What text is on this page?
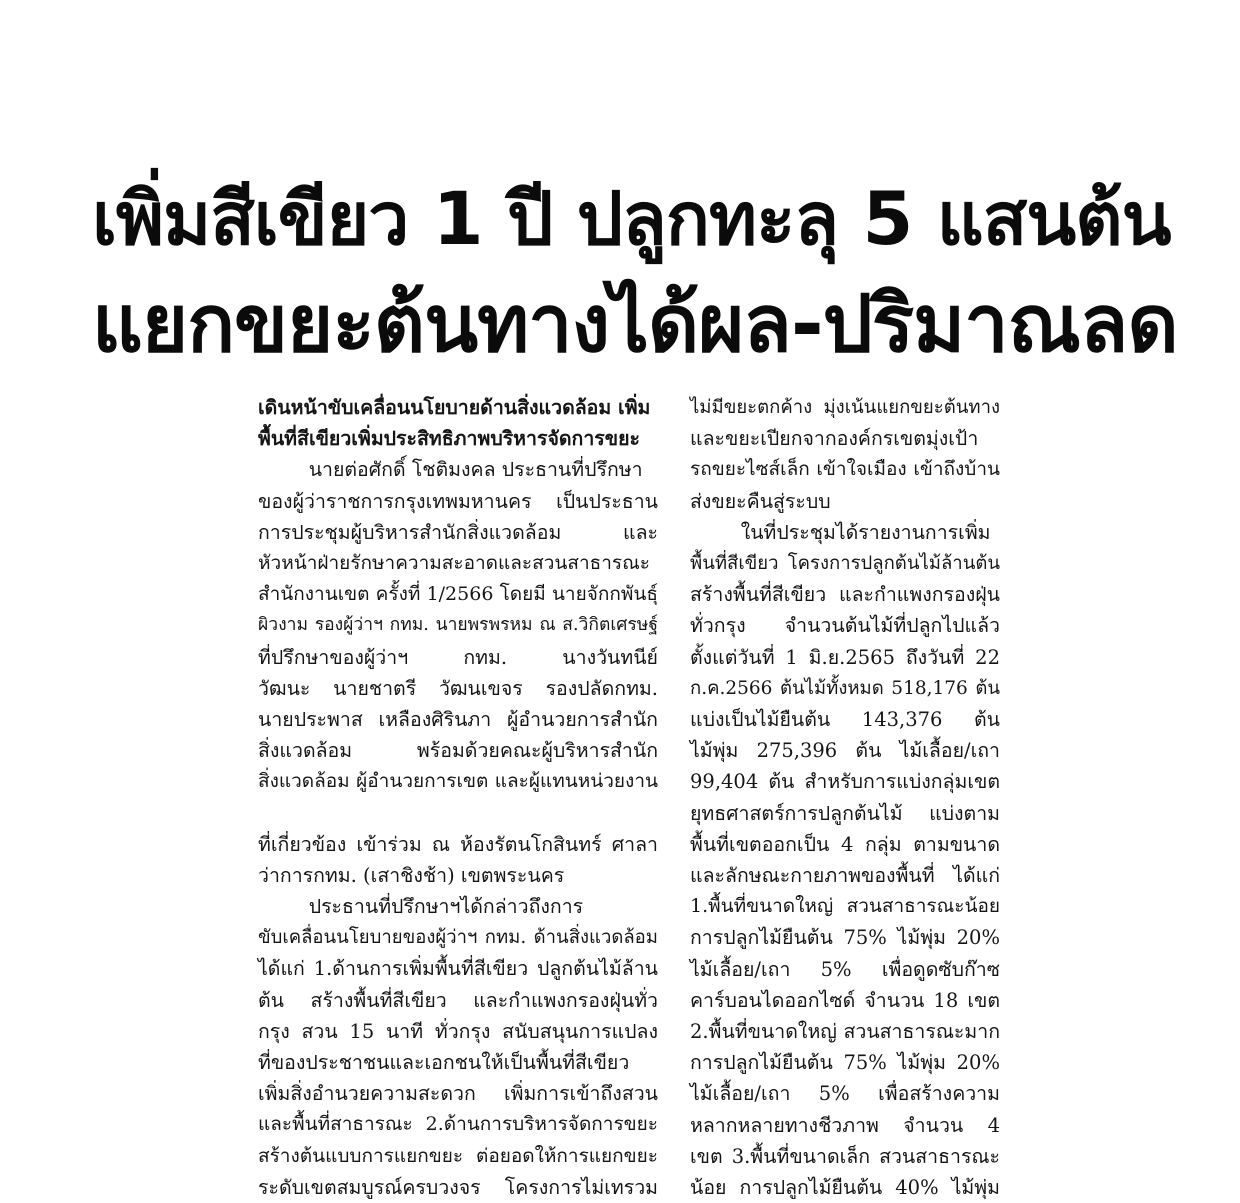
เพิ่มสีเขียว 1 ปี ปลูกทะลุ 5 แสนต้น
แยกขยะต้นทางได้ผล-ปริมาณลด

เดินหน้าขับเคลื่อนนโยบายด้านสิ่งแวดล้อม เพิ่ม
พื้นที่สีเขียวเพิ่มประสิทธิภาพบริหารจัดการขยะ

นายต่อศักดิ์ โชติมงคล ประธานที่ปรึกษา
ของผู้ว่าราชการกรุงเทพมหานคร เป็นประธาน
การประชุมผู้บริหารสำนักสิ่งแวดล้อม และ
หัวหน้าฝ่ายรักษาความสะอาดและสวนสาธารณะ
สำนักงานเขต ครั้งที่ 1/2566 โดยมี นายจักกพันธุ์
ผิวงาม รองผู้ว่าฯ กทม. นายพรพรหม ณ ส.วิกิตเศรษฐ์
ที่ปรึกษาของผู้ว่าฯ กทม. นางวันทนีย์
วัฒนะ นายชาตรี วัฒนเขจร รองปลัดกทม.
นายประพาส เหลืองศิรินภา ผู้อำนวยการสำนัก
สิ่งแวดล้อม พร้อมด้วยคณะผู้บริหารสำนัก
สิ่งแวดล้อม ผู้อำนวยการเขต และผู้แทนหน่วยงาน

ที่เกี่ยวข้อง เข้าร่วม ณ ห้องรัตนโกสินทร์ ศาลา
ว่าการกทม. (เสาชิงช้า) เขตพระนคร

ประธานที่ปรึกษาฯได้กล่าวถึงการ
ขับเคลื่อนนโยบายของผู้ว่าฯ กทม. ด้านสิ่งแวดล้อม
ได้แก่ 1.ด้านการเพิ่มพื้นที่สีเขียว ปลูกต้นไม้ล้าน
ต้น สร้างพื้นที่สีเขียว และกำแพงกรองฝุ่นทั่ว
กรุง สวน 15 นาที ทั่วกรุง สนับสนุนการแปลง
ที่ของประชาชนและเอกชนให้เป็นพื้นที่สีเขียว
เพิ่มสิ่งอำนวยความสะดวก เพิ่มการเข้าถึงสวน
และพื้นที่สาธารณะ 2.ด้านการบริหารจัดการขยะ
สร้างต้นแบบการแยกขยะ ต่อยอดให้การแยกขยะ
ระดับเขตสมบูรณ์ครบวงจร โครงการไม่เทรวม

ไม่มีขยะตกค้าง มุ่งเน้นแยกขยะต้นทาง
และขยะเปียกจากองค์กรเขตมุ่งเป้า
รถขยะไซส์เล็ก เข้าใจเมือง เข้าถึงบ้าน
ส่งขยะคืนสู่ระบบ

ในที่ประชุมได้รายงานการเพิ่ม
พื้นที่สีเขียว โครงการปลูกต้นไม้ล้านต้น
สร้างพื้นที่สีเขียว และกำแพงกรองฝุ่น
ทั่วกรุง จำนวนต้นไม้ที่ปลูกไปแล้ว
ตั้งแต่วันที่ 1 มิ.ย.2565 ถึงวันที่ 22
ก.ค.2566 ต้นไม้ทั้งหมด 518,176 ต้น
แบ่งเป็นไม้ยืนต้น 143,376 ต้น
ไม้พุ่ม 275,396 ต้น ไม้เลื้อย/เถา
99,404 ต้น สำหรับการแบ่งกลุ่มเขต
ยุทธศาสตร์การปลูกต้นไม้ แบ่งตาม
พื้นที่เขตออกเป็น 4 กลุ่ม ตามขนาด
และลักษณะกายภาพของพื้นที่ ได้แก่
1.พื้นที่ขนาดใหญ่ สวนสาธารณะน้อย
การปลูกไม้ยืนต้น 75% ไม้พุ่ม 20%
ไม้เลื้อย/เถา 5% เพื่อดูดซับก๊าซ
คาร์บอนไดออกไซด์ จำนวน 18 เขต
2.พื้นที่ขนาดใหญ่ สวนสาธารณะมาก
การปลูกไม้ยืนต้น 75% ไม้พุ่ม 20%
ไม้เลื้อย/เถา 5% เพื่อสร้างความ
หลากหลายทางชีวภาพ จำนวน 4
เขต 3.พื้นที่ขนาดเล็ก สวนสาธารณะ
น้อย การปลูกไม้ยืนต้น 40% ไม้พุ่ม
